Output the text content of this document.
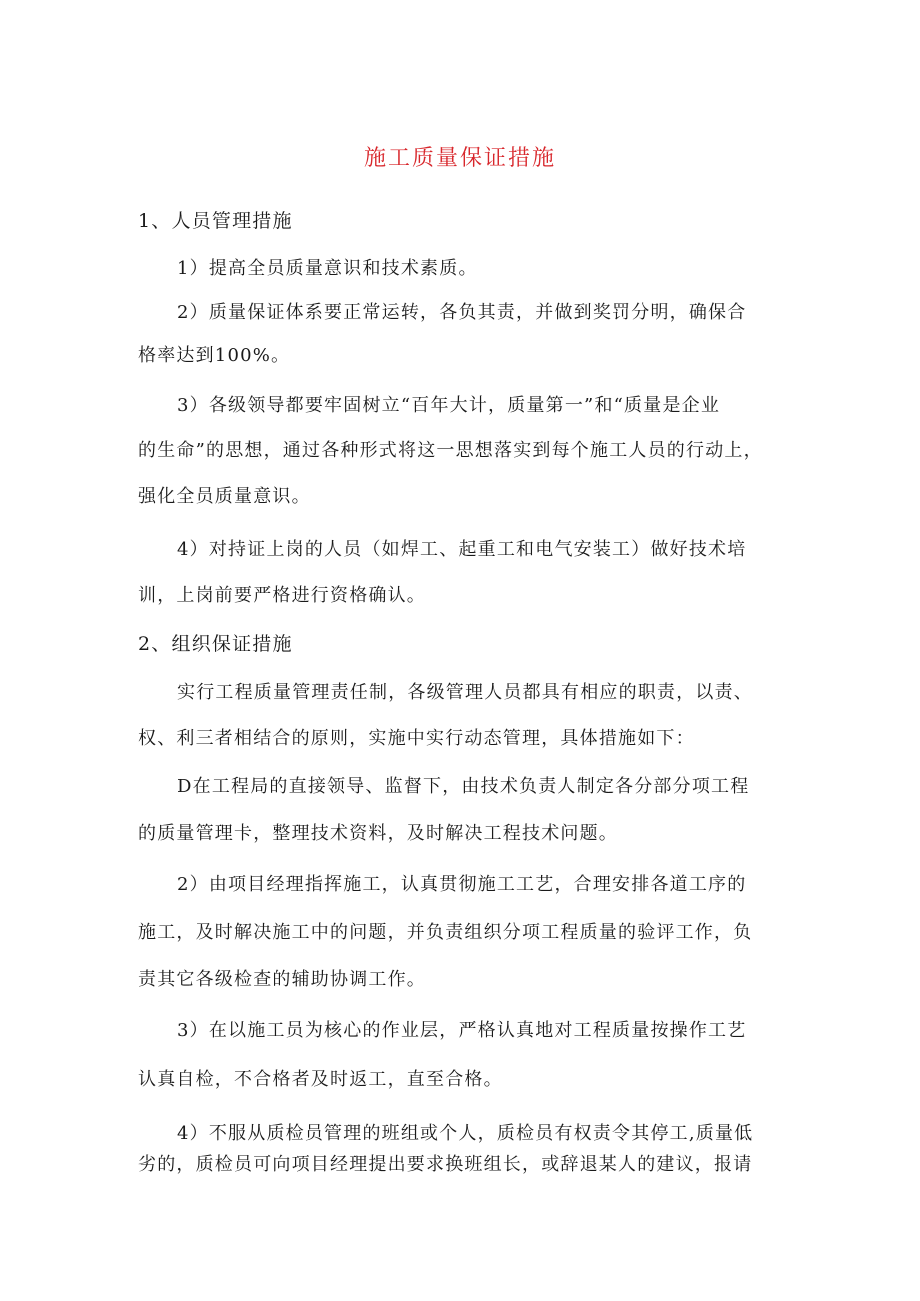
施工质量保证措施
1、人员管理措施
1）提高全员质量意识和技术素质。
2）质量保证体系要正常运转，各负其责，并做到奖罚分明，确保合
格率达到100%。
3）各级领导都要牢固树立“百年大计，质量第一”和“质量是企业
的生命”的思想，通过各种形式将这一思想落实到每个施工人员的行动上，
强化全员质量意识。
4）对持证上岗的人员（如焊工、起重工和电气安装工）做好技术培
训，上岗前要严格进行资格确认。
2、组织保证措施
实行工程质量管理责任制，各级管理人员都具有相应的职责，以责、
权、利三者相结合的原则，实施中实行动态管理，具体措施如下：
D在工程局的直接领导、监督下，由技术负责人制定各分部分项工程
的质量管理卡，整理技术资料，及时解决工程技术问题。
2）由项目经理指挥施工，认真贯彻施工工艺，合理安排各道工序的
施工，及时解决施工中的问题，并负责组织分项工程质量的验评工作，负
责其它各级检查的辅助协调工作。
3）在以施工员为核心的作业层，严格认真地对工程质量按操作工艺
认真自检，不合格者及时返工，直至合格。
4）不服从质检员管理的班组或个人，质检员有权责令其停工,质量低
劣的，质检员可向项目经理提出要求换班组长，或辞退某人的建议，报请
